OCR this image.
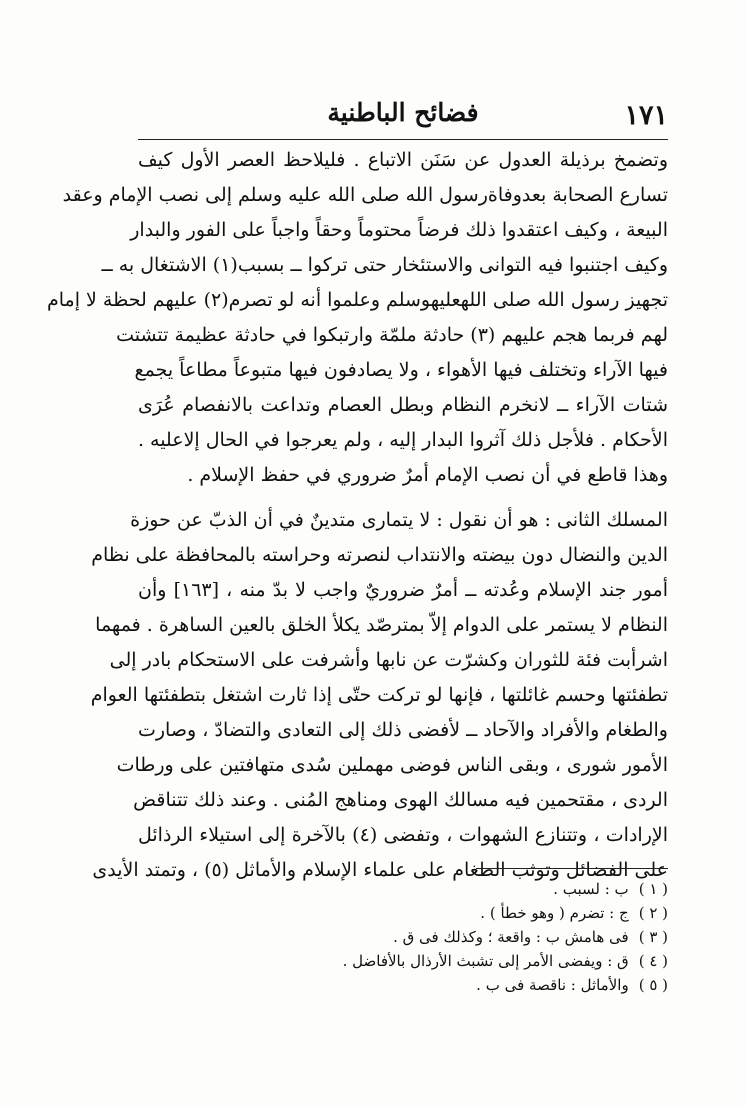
١٧١
فضائح الباطنية
وتضمخ برذيلة العدول عن سَنَن الاتباع . فليلاحظ العصر الأول كيف
تسارع الصحابة بعدوفاةرسول الله صلى الله عليه وسلم إلى نصب الإمام وعقد
البيعة ، وكيف اعتقدوا ذلك فرضاً محتوماً وحقاً واجباً على الفور والبدار
وكيف اجتنبوا فيه التوانى والاستئخار حتى تركوا ــ بسبب(١) الاشتغال به ــ
تجهيز رسول الله صلى اللهعليهوسلم وعلموا أنه لو تصرم(٢) عليهم لحظة لا إمام
لهم فربما هجم عليهم (٣) حادثة ملمّة وارتبكوا في حادثة عظيمة تتشتت
فيها الآراء وتختلف فيها الأهواء ، ولا يصادفون فيها متبوعاً مطاعاً يجمع
شتات الآراء ــ لانخرم النظام وبطل العصام وتداعت بالانفصام عُرَى
الأحكام . فلأجل ذلك آثروا البدار إليه ، ولم يعرجوا في الحال إلاعليه .
وهذا قاطع في أن نصب الإمام أمرٌ ضروري في حفظ الإسلام .
المسلك الثانى : هو أن نقول : لا يتمارى متدينٌ في أن الذبّ عن حوزة
الدين والنضال دون بيضته والانتداب لنصرته وحراسته بالمحافظة على نظام
أمور جند الإسلام وعُدته ــ أمرٌ ضروريٌ واجب لا بدّ منه ، [١٦٣] وأن
النظام لا يستمر على الدوام إلاّ بمترصّد يكلأ الخلق بالعين الساهرة . فمهما
اشرأبت فئة للثوران وكشرّت عن نابها وأشرفت على الاستحكام بادر إلى
تطفئتها وحسم غائلتها ، فإنها لو تركت حتّى إذا ثارت اشتغل بتطفئتها العوام
والطغام والأفراد والآحاد ــ لأفضى ذلك إلى التعادى والتضادّ ، وصارت
الأمور شورى ، وبقى الناس فوضى مهملين سُدى متهافتين على ورطات
الردى ، مقتحمين فيه مسالك الهوى ومناهج المُنى . وعند ذلك تتناقض
الإرادات ، وتتنازع الشهوات ، وتفضى (٤) بالآخرة إلى استيلاء الرذائل
على الفضائل وتوثب الطغام على علماء الإسلام والأماثل (٥) ، وتمتد الأيدى
( ١ )ب : لسبب .
( ٢ )ج : تضرم ( وهو خطأ ) .
( ٣ )فى هامش ب : واقعة ؛ وكذلك فى ق .
( ٤ )ق : ويفضى الأمر إلى تشبث الأرذال بالأفاضل .
( ٥ )والأماثل : ناقصة فى ب .
